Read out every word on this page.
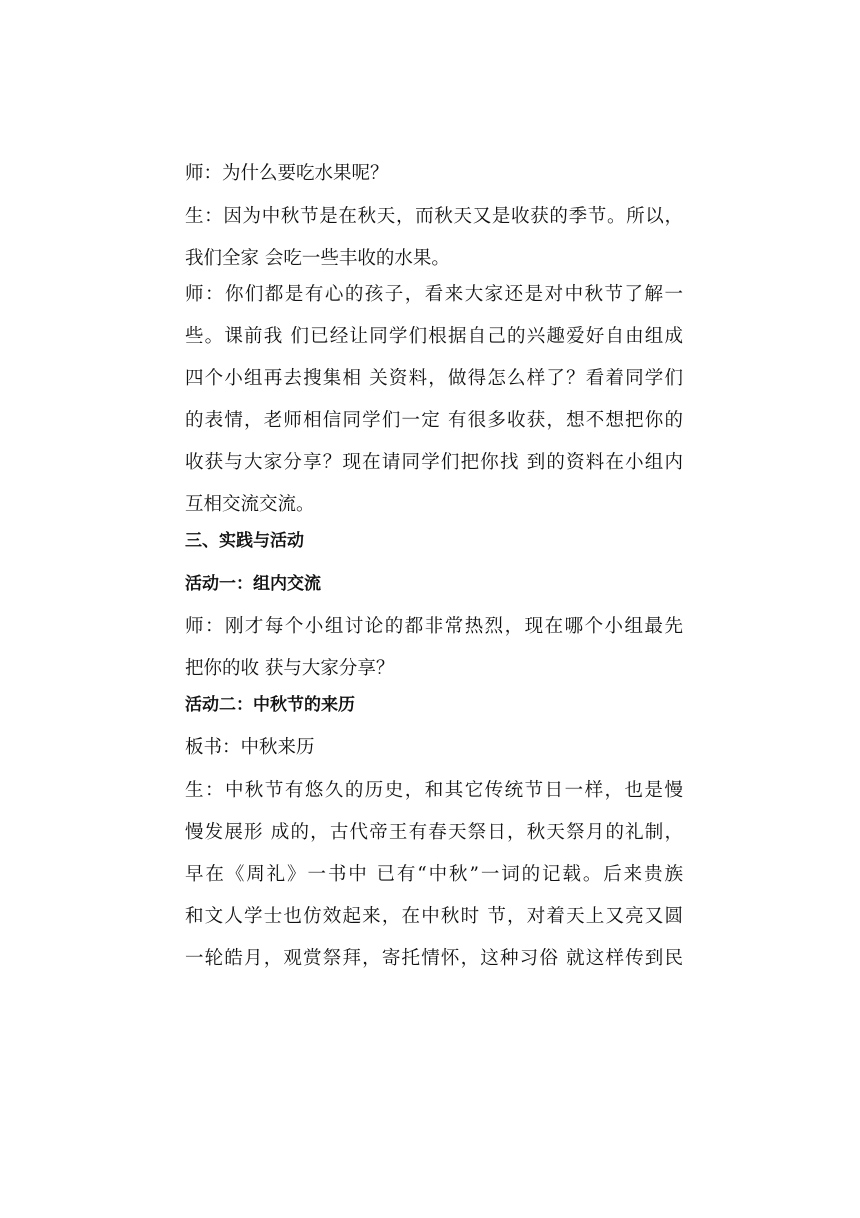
师：为什么要吃水果呢？

生：因为中秋节是在秋天，而秋天又是收获的季节。所以，
我们全家 会吃一些丰收的水果。

师：你们都是有心的孩子，看来大家还是对中秋节了解一
些。课前我 们已经让同学们根据自己的兴趣爱好自由组成
四个小组再去搜集相 关资料，做得怎么样了？看着同学们
的表情，老师相信同学们一定 有很多收获，想不想把你的
收获与大家分享？现在请同学们把你找 到的资料在小组内
互相交流交流。

三、实践与活动

活动一：组内交流

师：刚才每个小组讨论的都非常热烈，现在哪个小组最先
把你的收 获与大家分享？

活动二：中秋节的来历

板书：中秋来历

生：中秋节有悠久的历史，和其它传统节日一样，也是慢
慢发展形 成的，古代帝王有春天祭日，秋天祭月的礼制，
早在《周礼》一书中 已有“中秋”一词的记载。后来贵族
和文人学士也仿效起来，在中秋时 节，对着天上又亮又圆
一轮皓月，观赏祭拜，寄托情怀，这种习俗 就这样传到民
